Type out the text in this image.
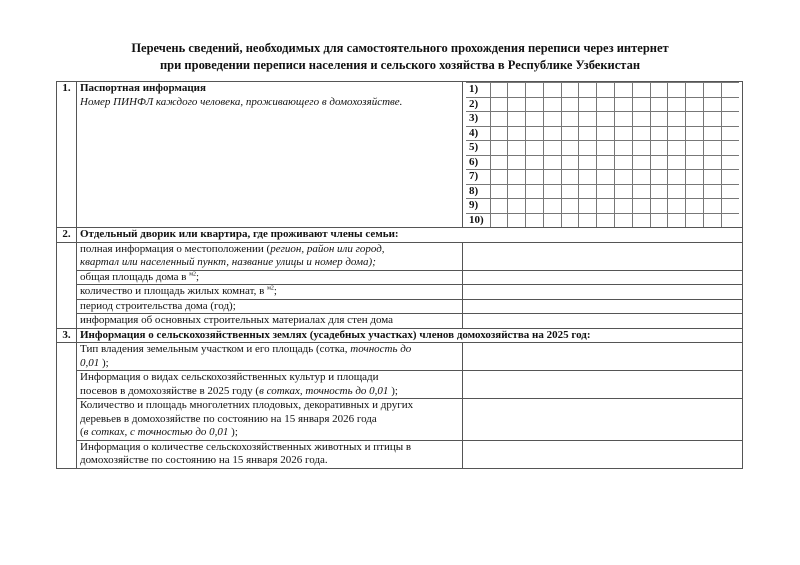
Перечень сведений, необходимых для самостоятельного прохождения переписи через интернет
при проведении переписи населения и сельского хозяйства в Республике Узбекистан
1.	Паспортная информация
Номер ПИНФЛ каждого человека, проживающего в домохозяйстве.

1)														
2)														
3)														
4)														
5)														
6)														
7)														
8)														
9)														
10)														

2.	Отдельный дворик или квартира, где проживают члены семьи:
	полная информация о местоположении (регион, район или город,
квартал или населенный пункт, название улицы и номер дома);	
	общая площадь дома в $^{м2}$;	
	количество и площадь жилых комнат, в $^{м2}$;	
	период строительства дома (год);	
	информация об основных строительных материалах для стен дома	
3.	Информация о сельскохозяйственных землях (усадебных участках) членов домохозяйства на 2025 год:
	Тип владения земельным участком и его площадь (сотка, точность до
0,01 );	
	Информация о видах сельскохозяйственных культур и площади
посевов в домохозяйстве в 2025 году (в сотках, точность до 0,01 );	
	Количество и площадь многолетних плодовых, декоративных и других
деревьев в домохозяйстве по состоянию на 15 января 2026 года
(в сотках, с точностью до 0,01 );	
	Информация о количестве сельскохозяйственных животных и птицы в
домохозяйстве по состоянию на 15 января 2026 года.	
